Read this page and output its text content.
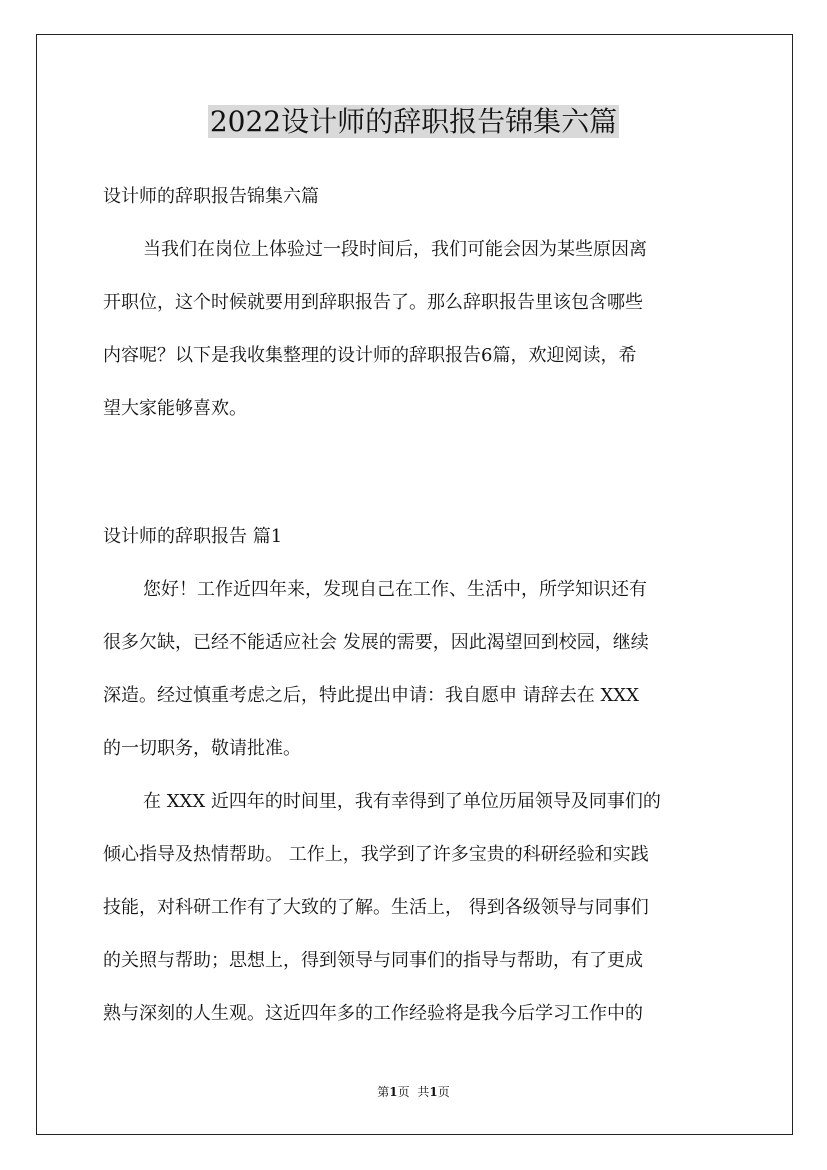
2022设计师的辞职报告锦集六篇
设计师的辞职报告锦集六篇
当我们在岗位上体验过一段时间后，我们可能会因为某些原因离
开职位，这个时候就要用到辞职报告了。那么辞职报告里该包含哪些
内容呢？以下是我收集整理的设计师的辞职报告6篇，欢迎阅读，希
望大家能够喜欢。
设计师的辞职报告 篇1
您好！工作近四年来，发现自己在工作、生活中，所学知识还有
很多欠缺，已经不能适应社会 发展的需要，因此渴望回到校园，继续
深造。经过慎重考虑之后，特此提出申请：我自愿申 请辞去在 XXX
的一切职务，敬请批准。
在 XXX 近四年的时间里，我有幸得到了单位历届领导及同事们的
倾心指导及热情帮助。 工作上，我学到了许多宝贵的科研经验和实践
技能，对科研工作有了大致的了解。生活上， 得到各级领导与同事们
的关照与帮助；思想上，得到领导与同事们的指导与帮助，有了更成
熟与深刻的人生观。这近四年多的工作经验将是我今后学习工作中的
第1页 共1页
